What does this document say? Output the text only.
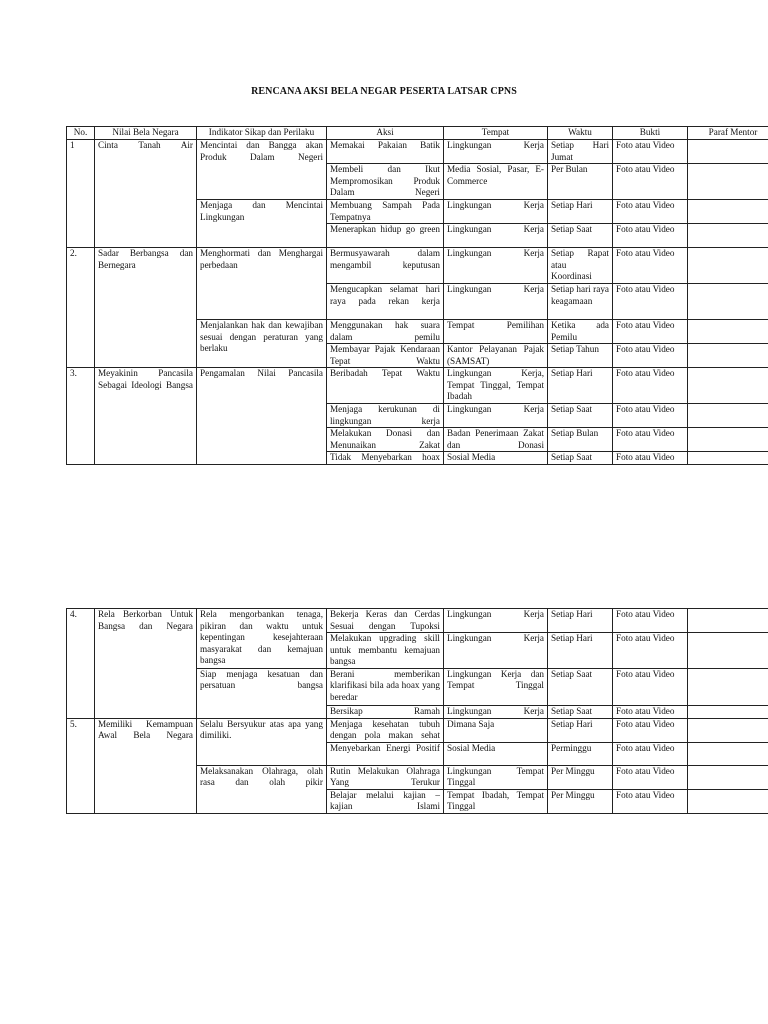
RENCANA AKSI BELA NEGAR PESERTA LATSAR CPNS
No.	Nilai Bela Negara	Indikator Sikap dan Perilaku	Aksi	Tempat	Waktu	Bukti	Paraf Mentor
1	Cinta Tanah Air	Mencintai dan Bangga akan Produk Dalam Negeri	Memakai Pakaian Batik	Lingkungan Kerja	Setiap Hari Jumat	Foto atau Video	
			Membeli dan Ikut Mempromosikan Produk Dalam Negeri	Media Sosial, Pasar, E-Commerce	Per Bulan	Foto atau Video	
		Menjaga dan Mencintai Lingkungan	Membuang Sampah Pada Tempatnya	Lingkungan Kerja	Setiap Hari	Foto atau Video	
			Menerapkan hidup go green	Lingkungan Kerja	Setiap Saat	Foto atau Video	
2.	Sadar Berbangsa dan Bernegara	Menghormati dan Menghargai perbedaan	Bermusyawarah dalam mengambil keputusan	Lingkungan Kerja	Setiap Rapat atau Koordinasi	Foto atau Video	
			Mengucapkan selamat hari raya pada rekan kerja	Lingkungan Kerja	Setiap hari raya keagamaan	Foto atau Video	
		Menjalankan hak dan kewajiban sesuai dengan peraturan yang berlaku	Menggunakan hak suara dalam pemilu	Tempat Pemilihan	Ketika ada Pemilu	Foto atau Video	
			Membayar Pajak Kendaraan Tepat Waktu	Kantor Pelayanan Pajak (SAMSAT)	Setiap Tahun	Foto atau Video	
3.	Meyakinin Pancasila Sebagai Ideologi Bangsa	Pengamalan Nilai Pancasila	Beribadah Tepat Waktu	Lingkungan Kerja, Tempat Tinggal, Tempat Ibadah	Setiap Hari	Foto atau Video	
			Menjaga kerukunan di lingkungan kerja	Lingkungan Kerja	Setiap Saat	Foto atau Video	
			Melakukan Donasi dan Menunaikan Zakat	Badan Penerimaan Zakat dan Donasi	Setiap Bulan	Foto atau Video	
			Tidak Menyebarkan hoax	Sosial Media	Setiap Saat	Foto atau Video	
4.	Rela Berkorban Untuk Bangsa dan Negara	Rela mengorbankan tenaga, pikiran dan waktu untuk kepentingan kesejahteraan masyarakat dan kemajuan bangsa	Bekerja Keras dan Cerdas Sesuai dengan Tupoksi	Lingkungan Kerja	Setiap Hari	Foto atau Video	
			Melakukan upgrading skill untuk membantu kemajuan bangsa	Lingkungan Kerja	Setiap Hari	Foto atau Video	
		Siap menjaga kesatuan dan persatuan bangsa	Berani memberikan klarifikasi bila ada hoax yang beredar	Lingkungan Kerja dan Tempat Tinggal	Setiap Saat	Foto atau Video	
			Bersikap Ramah	Lingkungan Kerja	Setiap Saat	Foto atau Video	
5.	Memiliki Kemampuan Awal Bela Negara	Selalu Bersyukur atas apa yang dimiliki.	Menjaga kesehatan tubuh dengan pola makan sehat	Dimana Saja	Setiap Hari	Foto atau Video	
			Menyebarkan Energi Positif	Sosial Media	Perminggu	Foto atau Video	
		Melaksanakan Olahraga, olah rasa dan olah pikir	Rutin Melakukan Olahraga Yang Terukur	Lingkungan Tempat Tinggal	Per Minggu	Foto atau Video	
			Belajar melalui kajian – kajian Islami	Tempat Ibadah, Tempat Tinggal	Per Minggu	Foto atau Video	
